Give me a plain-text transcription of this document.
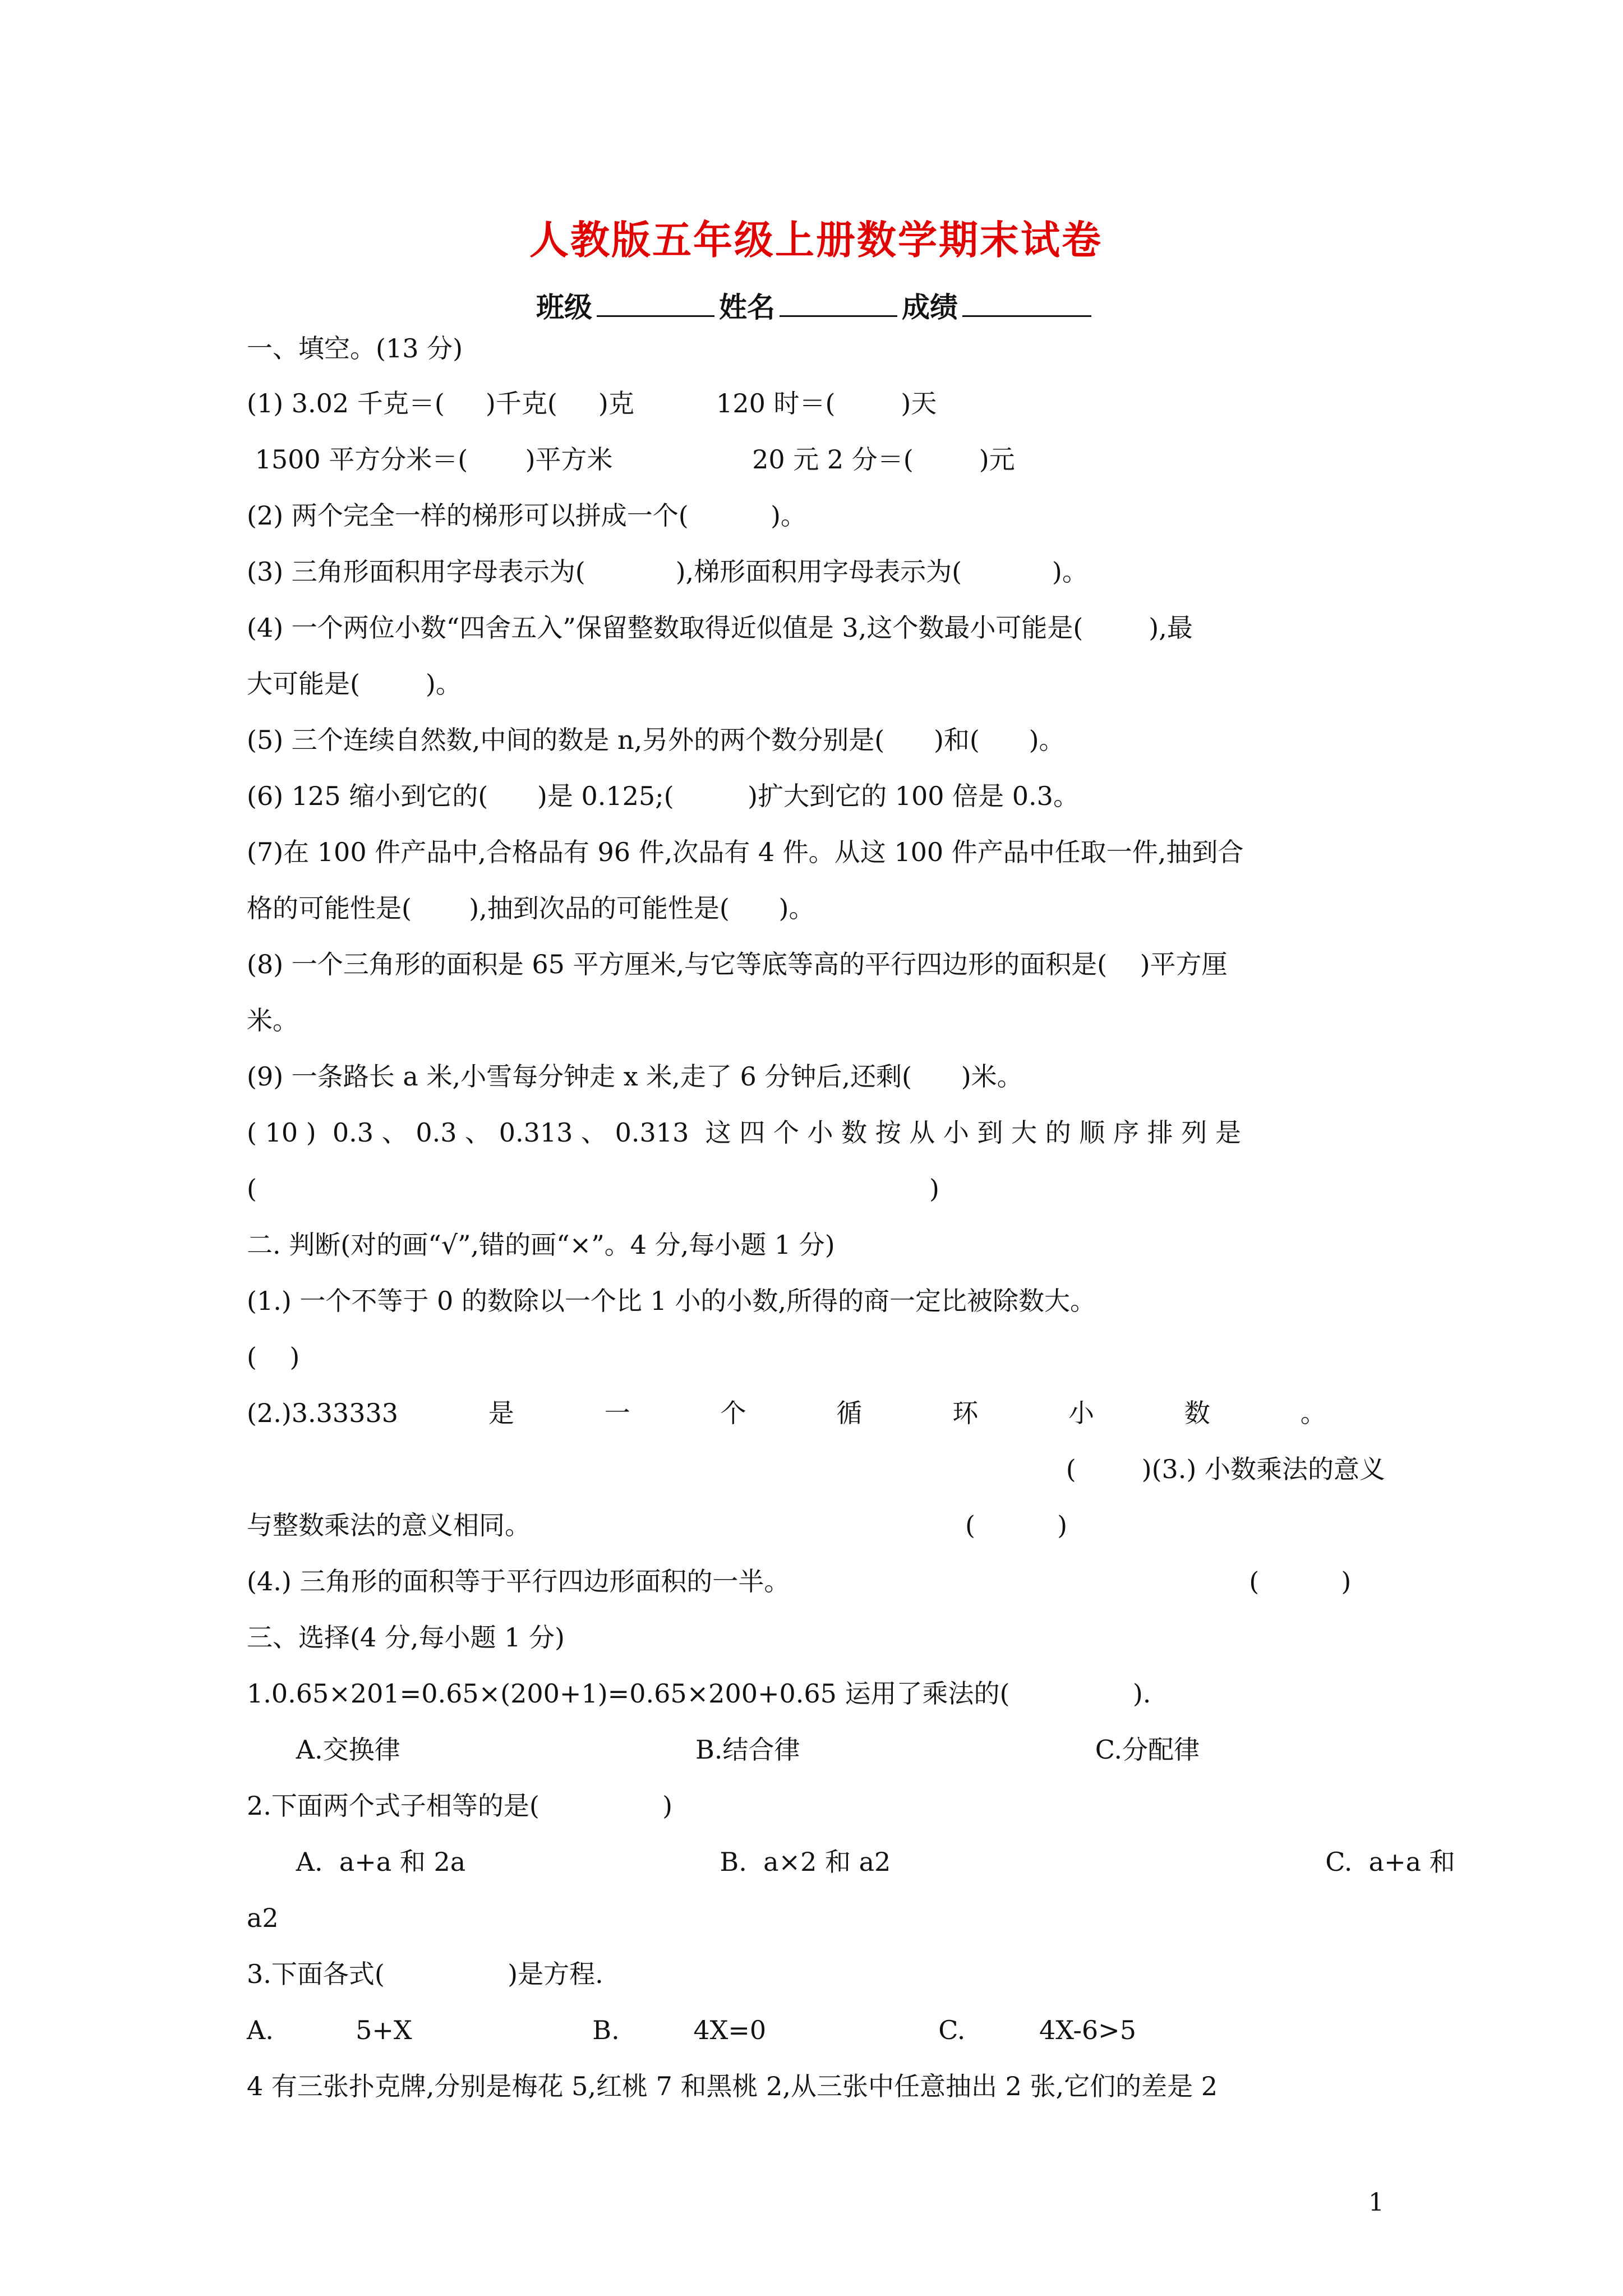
人教版五年级上册数学期末试卷
班级	姓名	成绩
一、填空。(13 分)
(1) 3.02 千克＝(     )千克(     )克          120 时＝(        )天
1500 平方分米＝(       )平方米                 20 元 2 分＝(        )元
(2) 两个完全一样的梯形可以拼成一个(          )。
(3) 三角形面积用字母表示为(           ),梯形面积用字母表示为(           )。
(4) 一个两位小数“四舍五入”保留整数取得近似值是 3,这个数最小可能是(        ),最
大可能是(        )。
(5) 三个连续自然数,中间的数是 n,另外的两个数分别是(      )和(      )。
(6) 125 缩小到它的(      )是 0.125;(         )扩大到它的 100 倍是 0.3。
(7)在 100 件产品中,合格品有 96 件,次品有 4 件。从这 100 件产品中任取一件,抽到合
格的可能性是(       ),抽到次品的可能性是(      )。
(8) 一个三角形的面积是 65 平方厘米,与它等底等高的平行四边形的面积是(    )平方厘
米。
(9) 一条路长 a 米,小雪每分钟走 x 米,走了 6 分钟后,还剩(      )米。
( 10 )  0.3 、 0.3 、 0.313 、 0.313  这 四 个 小 数 按 从 小 到 大 的 顺 序 排 列 是
(                                                                                  )
二. 判断(对的画“√”,错的画“×”。4 分,每小题 1 分)
(1.) 一个不等于 0 的数除以一个比 1 小的小数,所得的商一定比被除数大。
(    )
(2.)3.33333           是           一           个           循           环           小           数           。
(        )(3.) 小数乘法的意义
与整数乘法的意义相同。                                                     (          )
(4.) 三角形的面积等于平行四边形面积的一半。                                                        (          )
三、选择(4 分,每小题 1 分)
1.0.65×201=0.65×(200+1)=0.65×200+0.65 运用了乘法的(               ).
A.交换律                                    B.结合律                                    C.分配律
2.下面两个式子相等的是(               )
A.  a+a 和 2a                               B.  a×2 和 a2                                                     C.  a+a 和
a2
3.下面各式(               )是方程.
A.          5+X                      B.         4X=0                     C.         4X-6>5
4 有三张扑克牌,分别是梅花 5,红桃 7 和黑桃 2,从三张中任意抽出 2 张,它们的差是 2
1
